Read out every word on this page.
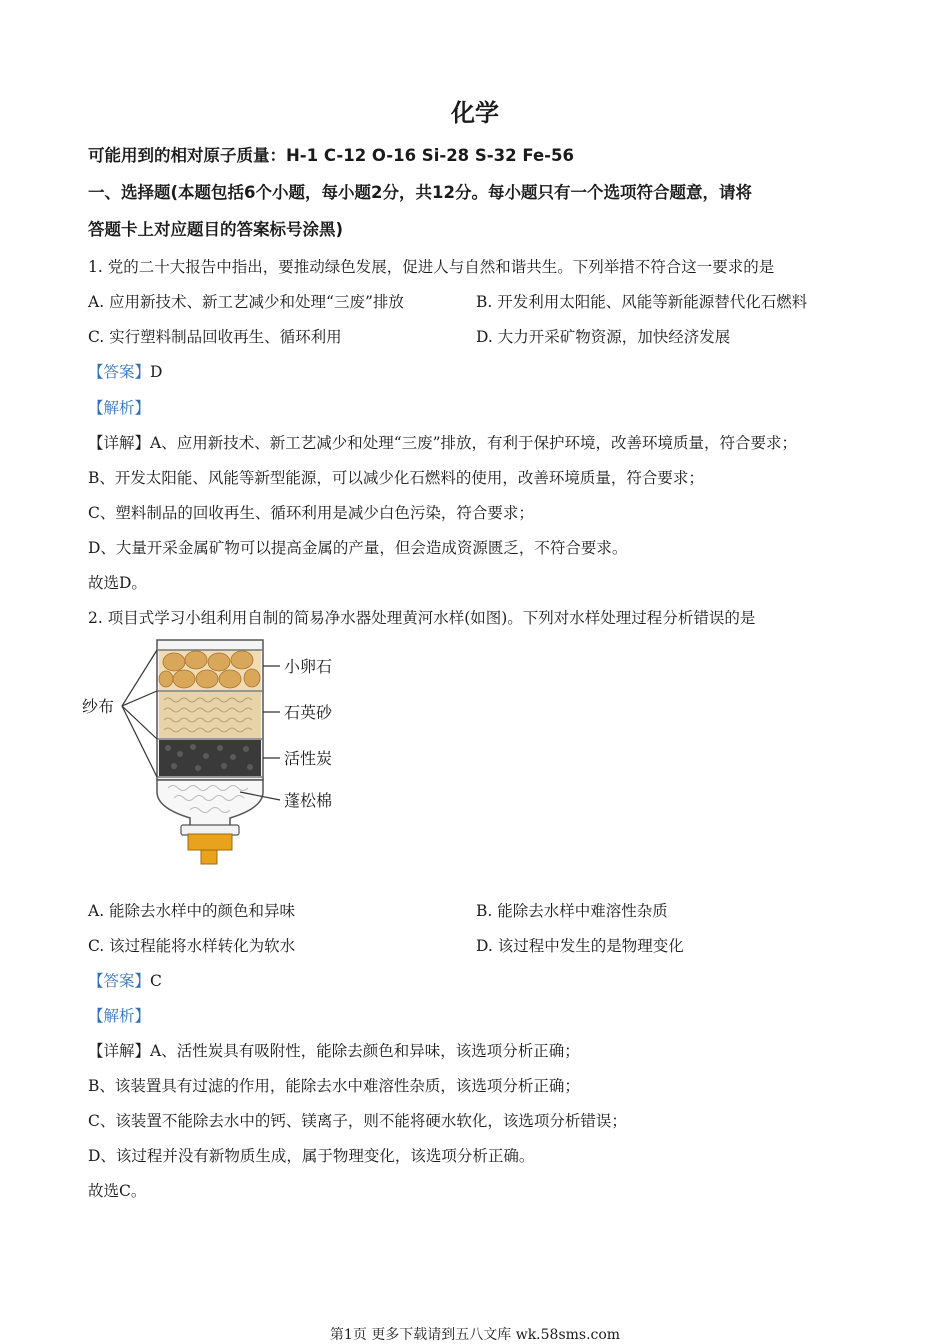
化学
可能用到的相对原子质量：H-1 C-12 O-16 Si-28 S-32 Fe-56
一、选择题(本题包括6个小题，每小题2分，共12分。每小题只有一个选项符合题意，请将
答题卡上对应题目的答案标号涂黑)
1. 党的二十大报告中指出，要推动绿色发展，促进人与自然和谐共生。下列举措不符合这一要求的是
A. 应用新技术、新工艺减少和处理“三废”排放	B. 开发利用太阳能、风能等新能源替代化石燃料
C. 实行塑料制品回收再生、循环利用	D. 大力开采矿物资源，加快经济发展
【答案】D
【解析】
【详解】A、应用新技术、新工艺减少和处理“三废”排放，有利于保护环境，改善环境质量，符合要求；
B、开发太阳能、风能等新型能源，可以减少化石燃料的使用，改善环境质量，符合要求；
C、塑料制品的回收再生、循环利用是减少白色污染，符合要求；
D、大量开采金属矿物可以提高金属的产量，但会造成资源匮乏，不符合要求。
故选D。
2. 项目式学习小组利用自制的简易净水器处理黄河水样(如图)。下列对水样处理过程分析错误的是
纱布
小卵石
石英砂
活性炭
蓬松棉
A. 能除去水样中的颜色和异味	B. 能除去水样中难溶性杂质
C. 该过程能将水样转化为软水	D. 该过程中发生的是物理变化
【答案】C
【解析】
【详解】A、活性炭具有吸附性，能除去颜色和异味，该选项分析正确；
B、该装置具有过滤的作用，能除去水中难溶性杂质，该选项分析正确；
C、该装置不能除去水中的钙、镁离子，则不能将硬水软化，该选项分析错误；
D、该过程并没有新物质生成，属于物理变化，该选项分析正确。
故选C。
第1页 更多下载请到五八文库 wk.58sms.com
